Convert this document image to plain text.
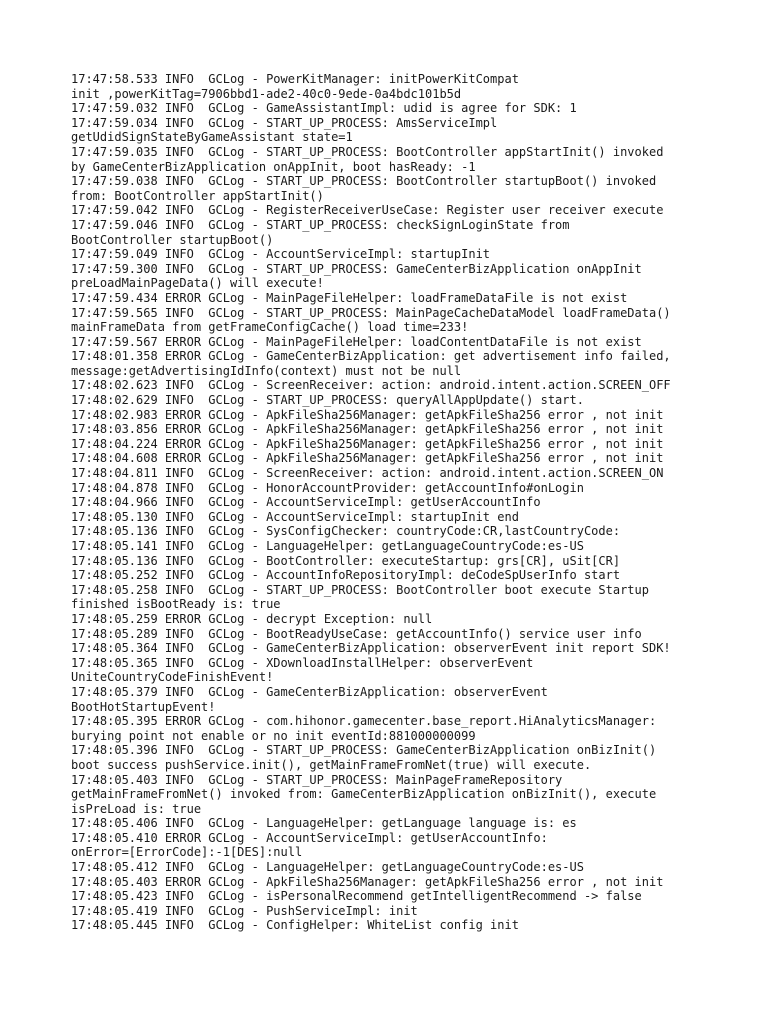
17:47:58.533 INFO  GCLog - PowerKitManager: initPowerKitCompat
init ,powerKitTag=7906bbd1-ade2-40c0-9ede-0a4bdc101b5d
17:47:59.032 INFO  GCLog - GameAssistantImpl: udid is agree for SDK: 1
17:47:59.034 INFO  GCLog - START_UP_PROCESS: AmsServiceImpl
getUdidSignStateByGameAssistant state=1
17:47:59.035 INFO  GCLog - START_UP_PROCESS: BootController appStartInit() invoked
by GameCenterBizApplication onAppInit, boot hasReady: -1
17:47:59.038 INFO  GCLog - START_UP_PROCESS: BootController startupBoot() invoked
from: BootController appStartInit()
17:47:59.042 INFO  GCLog - RegisterReceiverUseCase: Register user receiver execute
17:47:59.046 INFO  GCLog - START_UP_PROCESS: checkSignLoginState from
BootController startupBoot()
17:47:59.049 INFO  GCLog - AccountServiceImpl: startupInit
17:47:59.300 INFO  GCLog - START_UP_PROCESS: GameCenterBizApplication onAppInit
preLoadMainPageData() will execute!
17:47:59.434 ERROR GCLog - MainPageFileHelper: loadFrameDataFile is not exist
17:47:59.565 INFO  GCLog - START_UP_PROCESS: MainPageCacheDataModel loadFrameData()
mainFrameData from getFrameConfigCache() load time=233!
17:47:59.567 ERROR GCLog - MainPageFileHelper: loadContentDataFile is not exist
17:48:01.358 ERROR GCLog - GameCenterBizApplication: get advertisement info failed,
message:getAdvertisingIdInfo(context) must not be null
17:48:02.623 INFO  GCLog - ScreenReceiver: action: android.intent.action.SCREEN_OFF
17:48:02.629 INFO  GCLog - START_UP_PROCESS: queryAllAppUpdate() start.
17:48:02.983 ERROR GCLog - ApkFileSha256Manager: getApkFileSha256 error , not init
17:48:03.856 ERROR GCLog - ApkFileSha256Manager: getApkFileSha256 error , not init
17:48:04.224 ERROR GCLog - ApkFileSha256Manager: getApkFileSha256 error , not init
17:48:04.608 ERROR GCLog - ApkFileSha256Manager: getApkFileSha256 error , not init
17:48:04.811 INFO  GCLog - ScreenReceiver: action: android.intent.action.SCREEN_ON
17:48:04.878 INFO  GCLog - HonorAccountProvider: getAccountInfo#onLogin
17:48:04.966 INFO  GCLog - AccountServiceImpl: getUserAccountInfo
17:48:05.130 INFO  GCLog - AccountServiceImpl: startupInit end
17:48:05.136 INFO  GCLog - SysConfigChecker: countryCode:CR,lastCountryCode:
17:48:05.141 INFO  GCLog - LanguageHelper: getLanguageCountryCode:es-US
17:48:05.136 INFO  GCLog - BootController: executeStartup: grs[CR], uSit[CR]
17:48:05.252 INFO  GCLog - AccountInfoRepositoryImpl: deCodeSpUserInfo start
17:48:05.258 INFO  GCLog - START_UP_PROCESS: BootController boot execute Startup
finished isBootReady is: true
17:48:05.259 ERROR GCLog - decrypt Exception: null
17:48:05.289 INFO  GCLog - BootReadyUseCase: getAccountInfo() service user info
17:48:05.364 INFO  GCLog - GameCenterBizApplication: observerEvent init report SDK!
17:48:05.365 INFO  GCLog - XDownloadInstallHelper: observerEvent
UniteCountryCodeFinishEvent!
17:48:05.379 INFO  GCLog - GameCenterBizApplication: observerEvent
BootHotStartupEvent!
17:48:05.395 ERROR GCLog - com.hihonor.gamecenter.base_report.HiAnalyticsManager:
burying point not enable or no init eventId:881000000099
17:48:05.396 INFO  GCLog - START_UP_PROCESS: GameCenterBizApplication onBizInit()
boot success pushService.init(), getMainFrameFromNet(true) will execute.
17:48:05.403 INFO  GCLog - START_UP_PROCESS: MainPageFrameRepository
getMainFrameFromNet() invoked from: GameCenterBizApplication onBizInit(), execute
isPreLoad is: true
17:48:05.406 INFO  GCLog - LanguageHelper: getLanguage language is: es
17:48:05.410 ERROR GCLog - AccountServiceImpl: getUserAccountInfo:
onError=[ErrorCode]:-1[DES]:null
17:48:05.412 INFO  GCLog - LanguageHelper: getLanguageCountryCode:es-US
17:48:05.403 ERROR GCLog - ApkFileSha256Manager: getApkFileSha256 error , not init
17:48:05.423 INFO  GCLog - isPersonalRecommend getIntelligentRecommend -> false
17:48:05.419 INFO  GCLog - PushServiceImpl: init
17:48:05.445 INFO  GCLog - ConfigHelper: WhiteList config init
